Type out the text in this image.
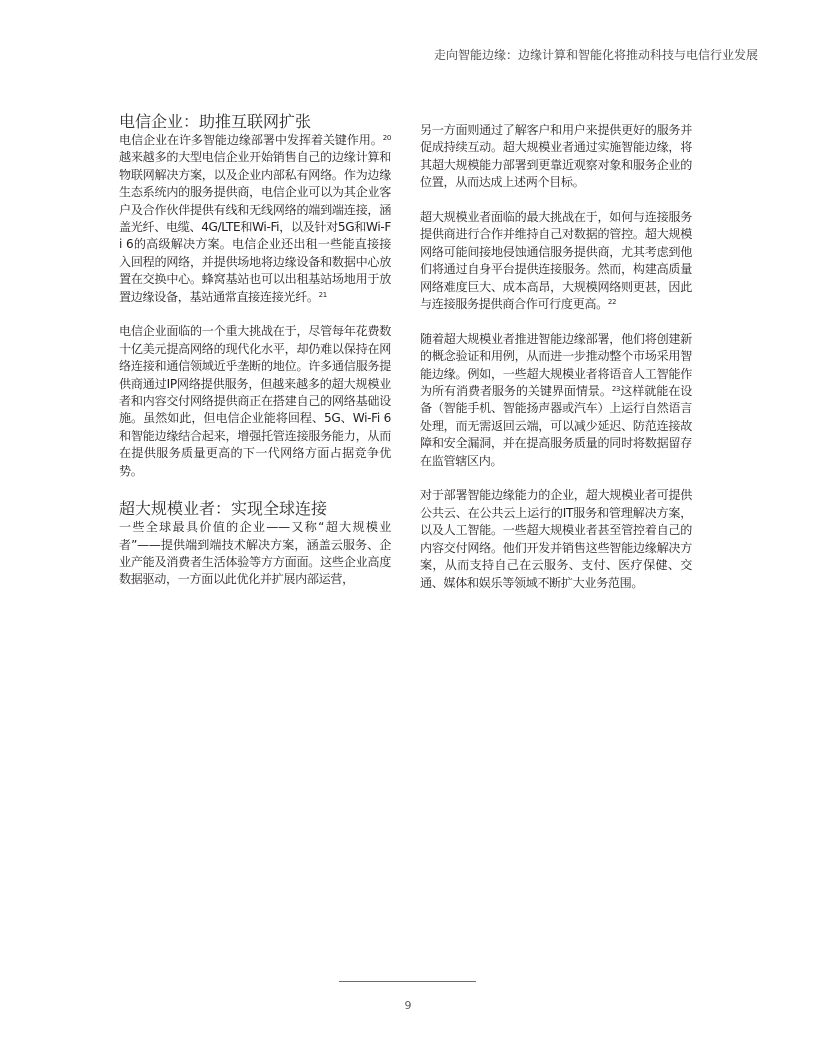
走向智能边缘：边缘计算和智能化将推动科技与电信行业发展
电信企业：助推互联网扩张

电信企业在许多智能边缘部署中发挥着关键作用。$^{20}$越来越多的大型电信企业开始销售自己的边缘计算和物联网解决方案，以及企业内部私有网络。作为边缘生态系统内的服务提供商，电信企业可以为其企业客户及合作伙伴提供有线和无线网络的端到端连接，涵盖光纤、电缆、4G/LTE和Wi-Fi，以及针对5G和Wi-Fi 6的高级解决方案。电信企业还出租一些能直接接入回程的网络，并提供场地将边缘设备和数据中心放置在交换中心。蜂窝基站也可以出租基站场地用于放置边缘设备，基站通常直接连接光纤。$^{21}$

电信企业面临的一个重大挑战在于，尽管每年花费数十亿美元提高网络的现代化水平，却仍难以保持在网络连接和通信领域近乎垄断的地位。许多通信服务提供商通过IP网络提供服务，但越来越多的超大规模业者和内容交付网络提供商正在搭建自己的网络基础设施。虽然如此，但电信企业能将回程、5G、Wi-Fi 6和智能边缘结合起来，增强托管连接服务能力，从而在提供服务质量更高的下一代网络方面占据竞争优势。

超大规模业者：实现全球连接

一些全球最具价值的企业——又称“超大规模业者”——提供端到端技术解决方案，涵盖云服务、企业产能及消费者生活体验等方方面面。这些企业高度数据驱动，一方面以此优化并扩展内部运营，

另一方面则通过了解客户和用户来提供更好的服务并促成持续互动。超大规模业者通过实施智能边缘，将其超大规模能力部署到更靠近观察对象和服务企业的位置，从而达成上述两个目标。

超大规模业者面临的最大挑战在于，如何与连接服务提供商进行合作并维持自己对数据的管控。超大规模网络可能间接地侵蚀通信服务提供商，尤其考虑到他们将通过自身平台提供连接服务。然而，构建高质量网络难度巨大、成本高昂，大规模网络则更甚，因此与连接服务提供商合作可行度更高。$^{22}$

随着超大规模业者推进智能边缘部署，他们将创建新的概念验证和用例，从而进一步推动整个市场采用智能边缘。例如，一些超大规模业者将语音人工智能作为所有消费者服务的关键界面情景。$^{23}$这样就能在设备（智能手机、智能扬声器或汽车）上运行自然语言处理，而无需返回云端，可以减少延迟、防范连接故障和安全漏洞，并在提高服务质量的同时将数据留存在监管辖区内。

对于部署智能边缘能力的企业，超大规模业者可提供公共云、在公共云上运行的IT服务和管理解决方案，以及人工智能。一些超大规模业者甚至管控着自己的内容交付网络。他们开发并销售这些智能边缘解决方案，从而支持自己在云服务、支付、医疗保健、交通、媒体和娱乐等领域不断扩大业务范围。

9
